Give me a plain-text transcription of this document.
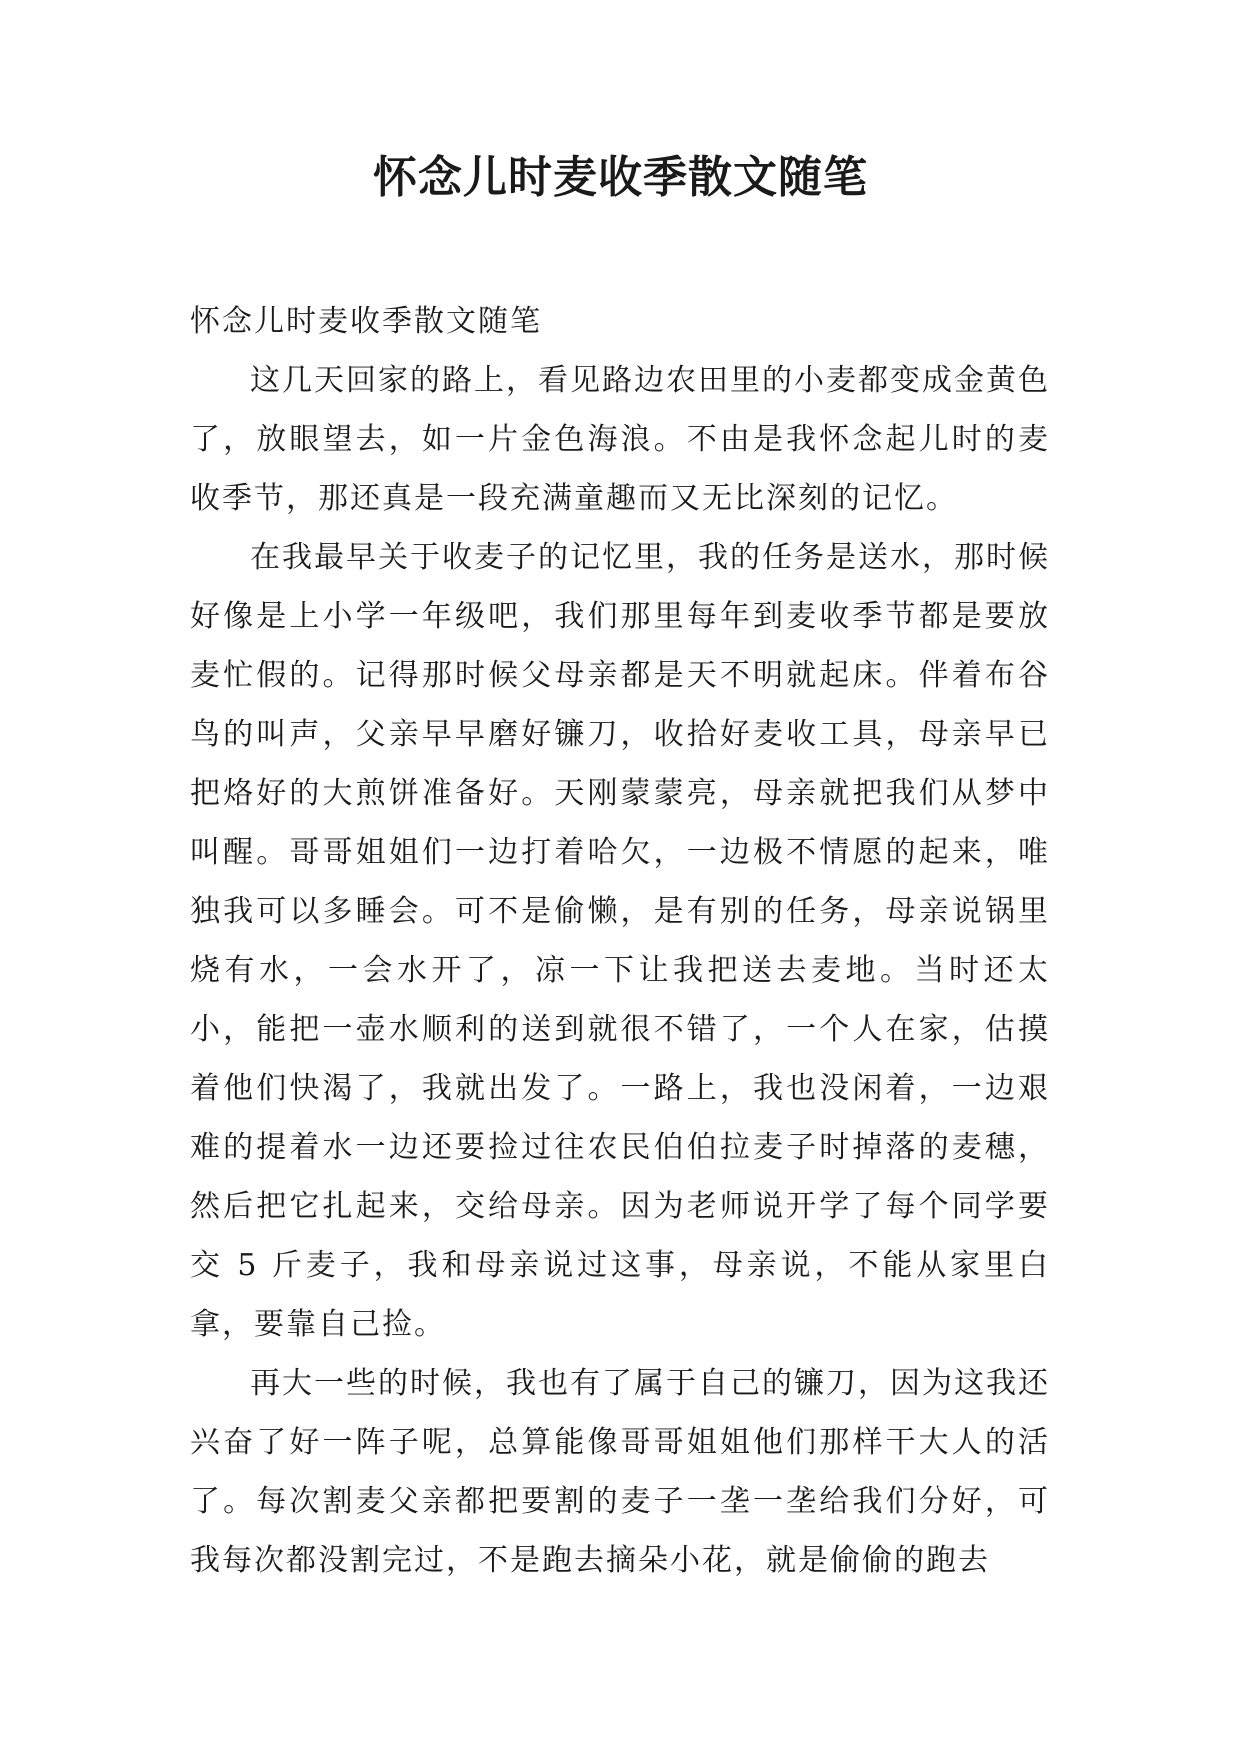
怀念儿时麦收季散文随笔

怀念儿时麦收季散文随笔

这几天回家的路上，看见路边农田里的小麦都变成金黄色了，放眼望去，如一片金色海浪。不由是我怀念起儿时的麦收季节，那还真是一段充满童趣而又无比深刻的记忆。

在我最早关于收麦子的记忆里，我的任务是送水，那时候好像是上小学一年级吧，我们那里每年到麦收季节都是要放麦忙假的。记得那时候父母亲都是天不明就起床。伴着布谷鸟的叫声，父亲早早磨好镰刀，收拾好麦收工具，母亲早已把烙好的大煎饼准备好。天刚蒙蒙亮，母亲就把我们从梦中叫醒。哥哥姐姐们一边打着哈欠，一边极不情愿的起来，唯独我可以多睡会。可不是偷懒，是有别的任务，母亲说锅里烧有水，一会水开了，凉一下让我把送去麦地。当时还太小，能把一壶水顺利的送到就很不错了，一个人在家，估摸着他们快渴了，我就出发了。一路上，我也没闲着，一边艰难的提着水一边还要捡过往农民伯伯拉麦子时掉落的麦穗，然后把它扎起来，交给母亲。因为老师说开学了每个同学要交 5 斤麦子，我和母亲说过这事，母亲说，不能从家里白拿，要靠自己捡。

再大一些的时候，我也有了属于自己的镰刀，因为这我还兴奋了好一阵子呢，总算能像哥哥姐姐他们那样干大人的活了。每次割麦父亲都把要割的麦子一垄一垄给我们分好，可我每次都没割完过，不是跑去摘朵小花，就是偷偷的跑去
